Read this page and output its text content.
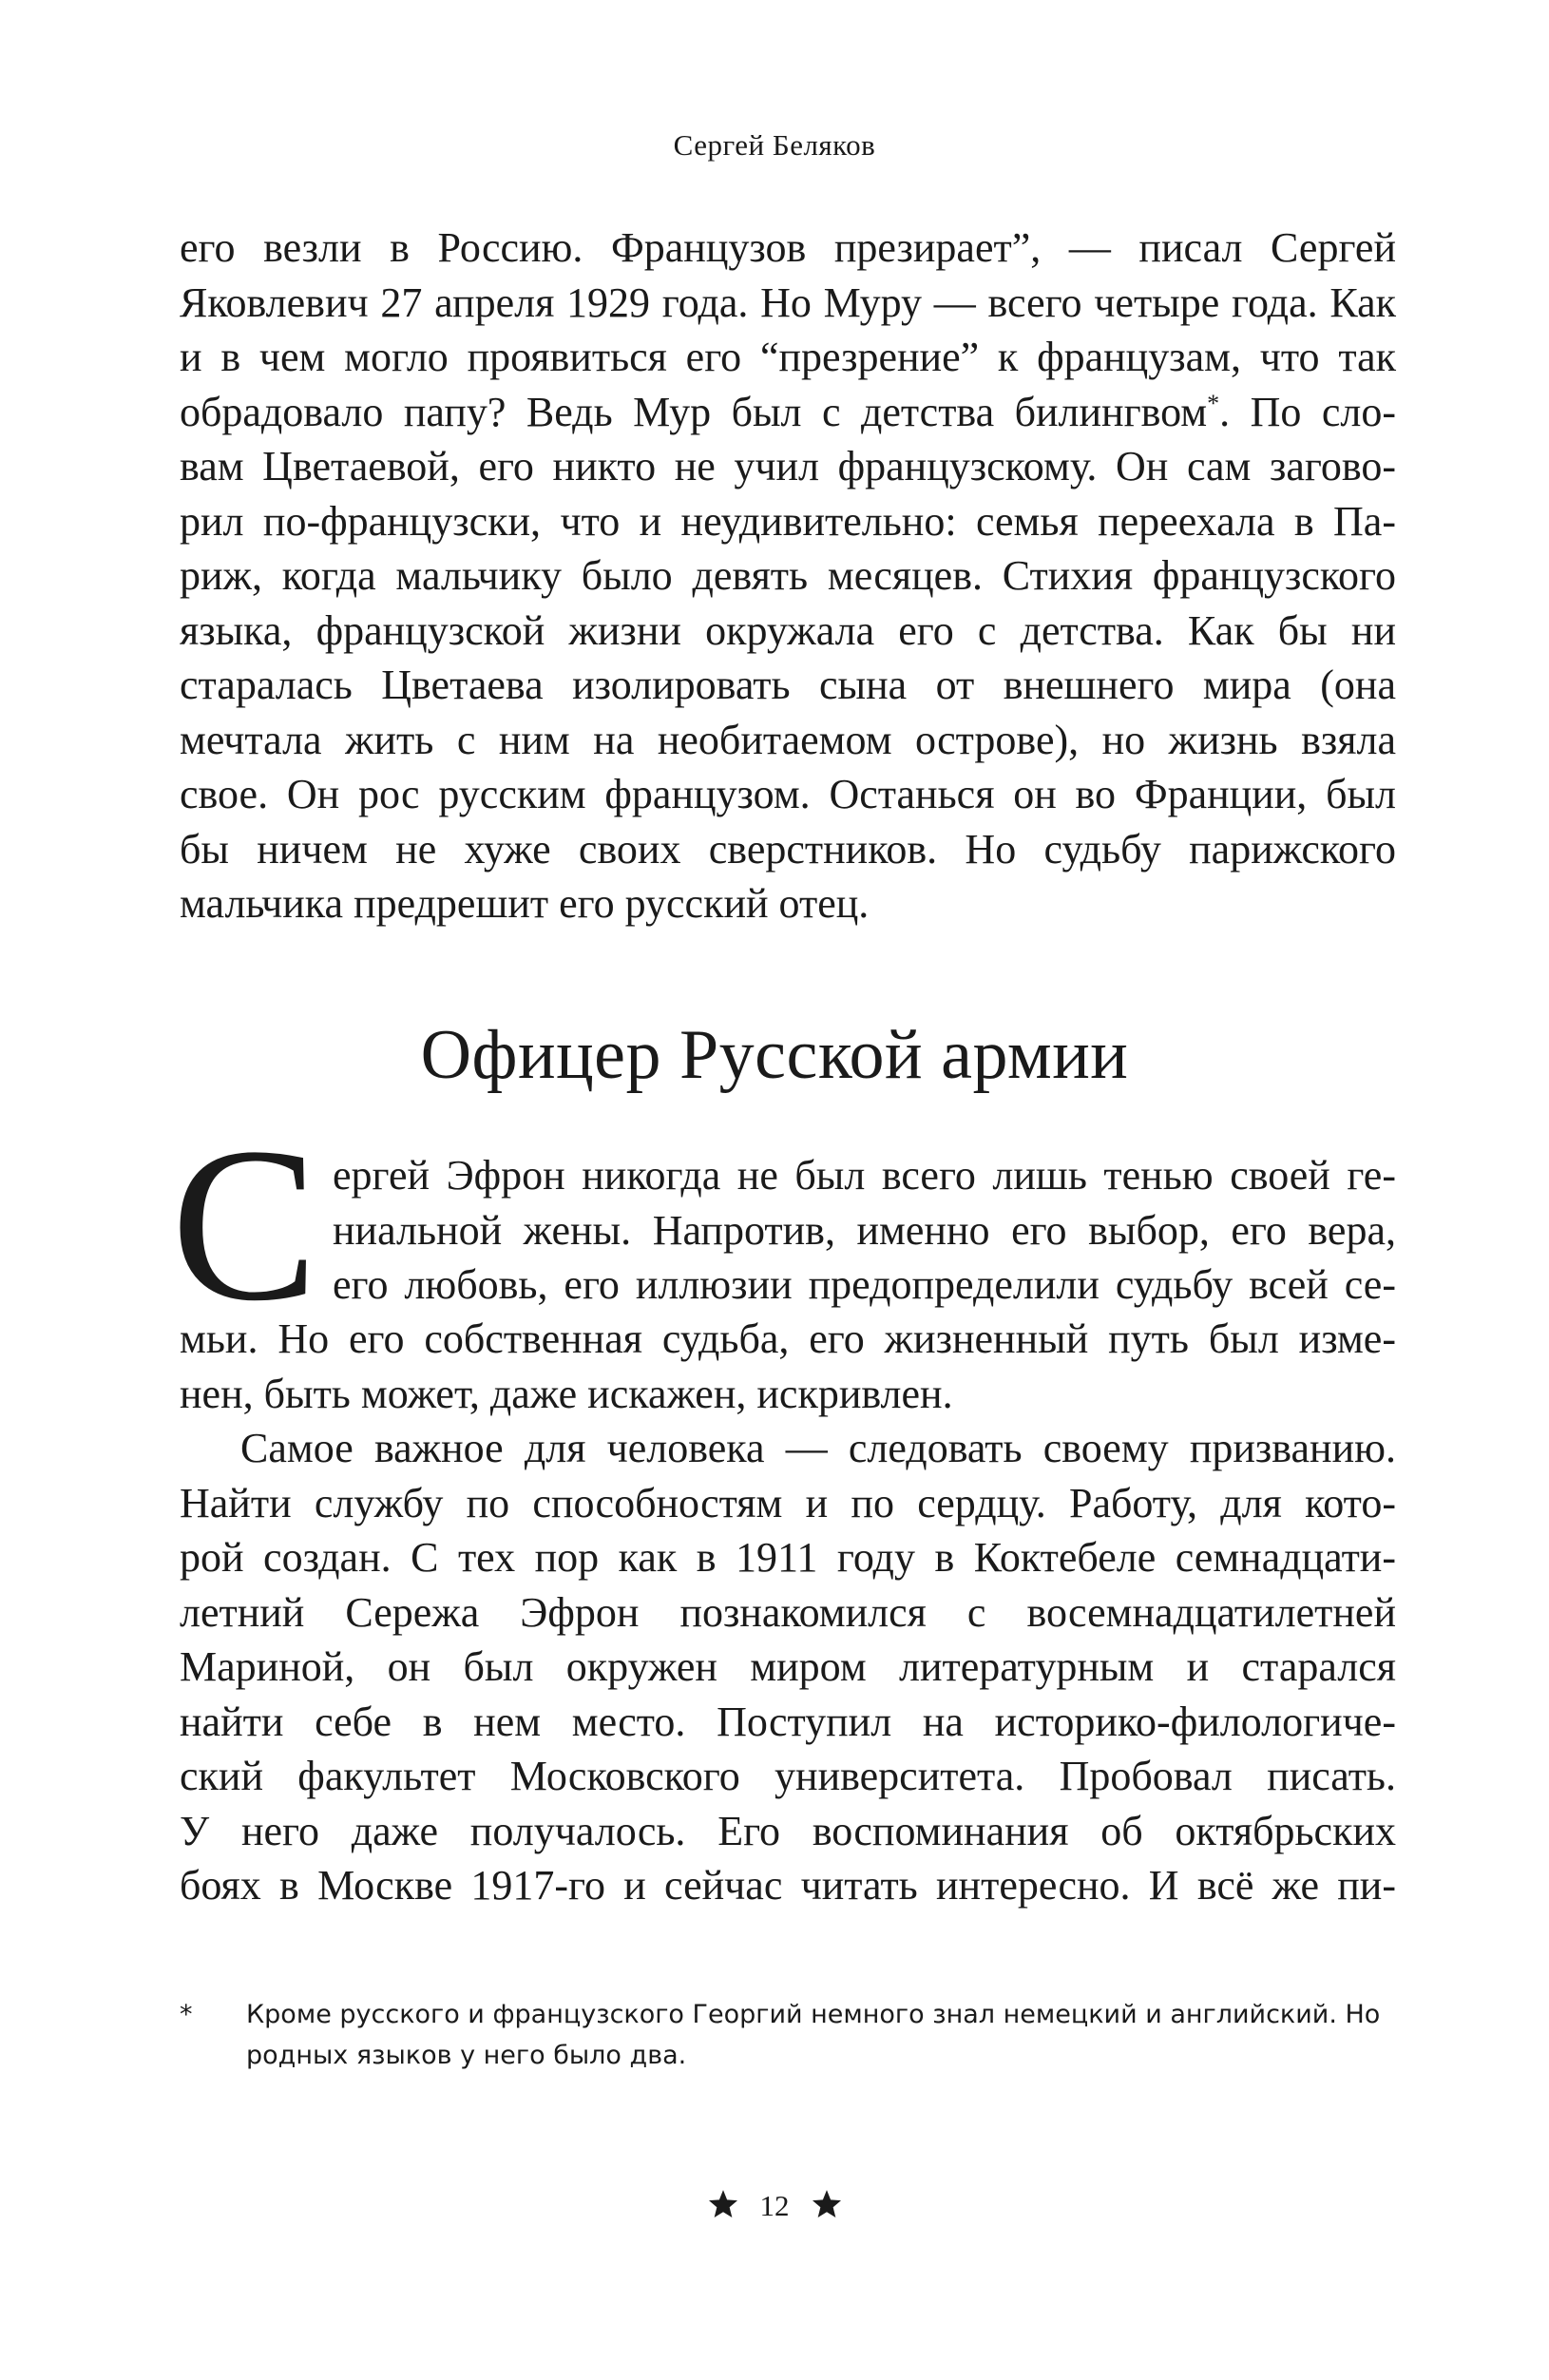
Сергей Беляков
его везли в Россию. Французов презирает”, — писал Сергей
Яковлевич 27 апреля 1929 года. Но Муру — всего четыре года. Как
и в чем могло проявиться его “презрение” к французам, что так
обрадовало папу? Ведь Мур был с детства билингвом*. По сло-
вам Цветаевой, его никто не учил французскому. Он сам загово-
рил по-французски, что и неудивительно: семья переехала в Па-
риж, когда мальчику было девять месяцев. Стихия французского
языка, французской жизни окружала его с детства. Как бы ни
старалась Цветаева изолировать сына от внешнего мира (она
мечтала жить с ним на необитаемом острове), но жизнь взяла
свое. Он рос русским французом. Останься он во Франции, был
бы ничем не хуже своих сверстников. Но судьбу парижского
мальчика предрешит его русский отец.
Офицер Русской армии
С ергей Эфрон никогда не был всего лишь тенью своей ге-
ниальной жены. Напротив, именно его выбор, его вера,
его любовь, его иллюзии предопределили судьбу всей се-
мьи. Но его собственная судьба, его жизненный путь был изме-
нен, быть может, даже искажен, искривлен.
Самое важное для человека — следовать своему призванию.
Найти службу по способностям и по сердцу. Работу, для кото-
рой создан. С тех пор как в 1911 году в Коктебеле семнадцати-
летний Сережа Эфрон познакомился с восемнадцатилетней
Мариной, он был окружен миром литературным и старался
найти себе в нем место. Поступил на историко-филологиче-
ский факультет Московского университета. Пробовал писать.
У него даже получалось. Его воспоминания об октябрьских
боях в Москве 1917-го и сейчас читать интересно. И всё же пи-
*	Кроме русского и французского Георгий немного знал немецкий и английский. Но
родных языков у него было два.
12
